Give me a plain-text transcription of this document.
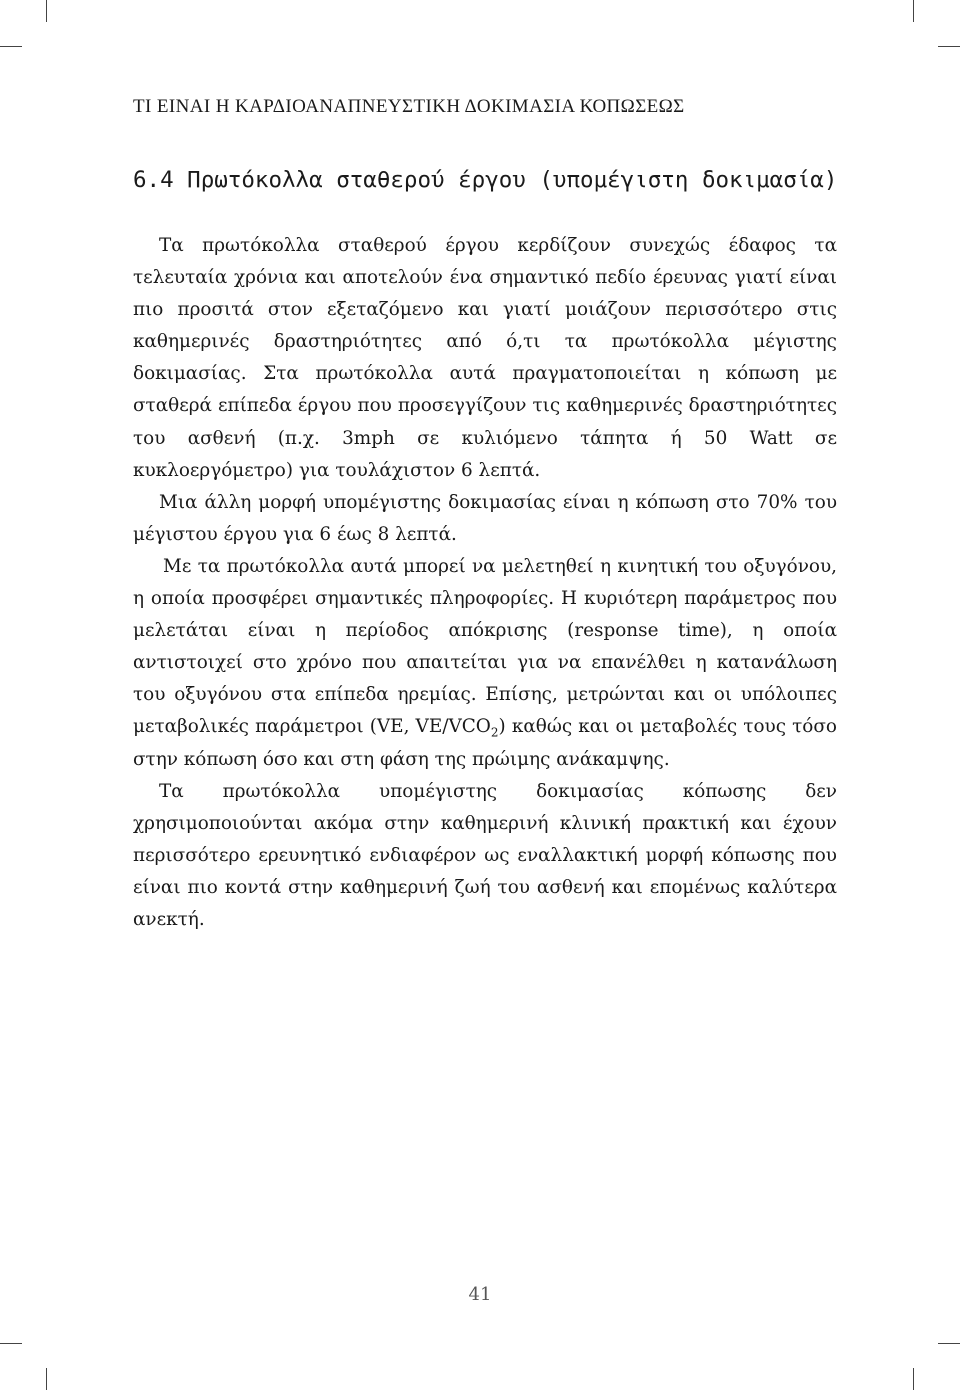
ΤΙ ΕΙΝΑΙ Η ΚΑΡΔΙΟΑΝΑΠΝΕΥΣΤΙΚΗ ΔΟΚΙΜΑΣΙΑ ΚΟΠΩΣΕΩΣ
6.4 Πρωτόκολλα σταθερού έργου (υπομέγιστη δοκιμασία)

Τα πρωτόκολλα σταθερού έργου κερδίζουν συνεχώς έδαφος τα τελευταία χρόνια και αποτελούν ένα σημαντικό πεδίο έρευνας γιατί είναι πιο προσιτά στον εξεταζόμενο και γιατί μοιάζουν περισσότερο στις καθημερινές δραστηριότητες από ό,τι τα πρωτόκολλα μέγιστης δοκιμασίας. Στα πρωτόκολλα αυτά πραγματοποιείται η κόπωση με σταθερά επίπεδα έργου που προσεγγίζουν τις καθημερινές δραστηριότητες του ασθενή (π.χ. 3mph σε κυλιόμενο τάπητα ή 50 Watt σε κυκλοεργόμετρο) για τουλάχιστον 6 λεπτά.

Μια άλλη μορφή υπομέγιστης δοκιμασίας είναι η κόπωση στο 70% του μέγιστου έργου για 6 έως 8 λεπτά.

Με τα πρωτόκολλα αυτά μπορεί να μελετηθεί η κινητική του οξυγόνου, η οποία προσφέρει σημαντικές πληροφορίες. Η κυριότερη παράμετρος που μελετάται είναι η περίοδος απόκρισης (response time), η οποία αντιστοιχεί στο χρόνο που απαιτείται για να επανέλθει η κατανάλωση του οξυγόνου στα επίπεδα ηρεμίας. Επίσης, μετρώνται και οι υπόλοιπες μεταβολικές παράμετροι (VE, $VE/VCO_2$) καθώς και οι μεταβολές τους τόσο στην κόπωση όσο και στη φάση της πρώιμης ανάκαμψης.

Τα πρωτόκολλα υπομέγιστης δοκιμασίας κόπωσης δεν χρησιμοποιούνται ακόμα στην καθημερινή κλινική πρακτική και έχουν περισσότερο ερευνητικό ενδιαφέρον ως εναλλακτική μορφή κόπωσης που είναι πιο κοντά στην καθημερινή ζωή του ασθενή και επομένως καλύτερα ανεκτή.

41
